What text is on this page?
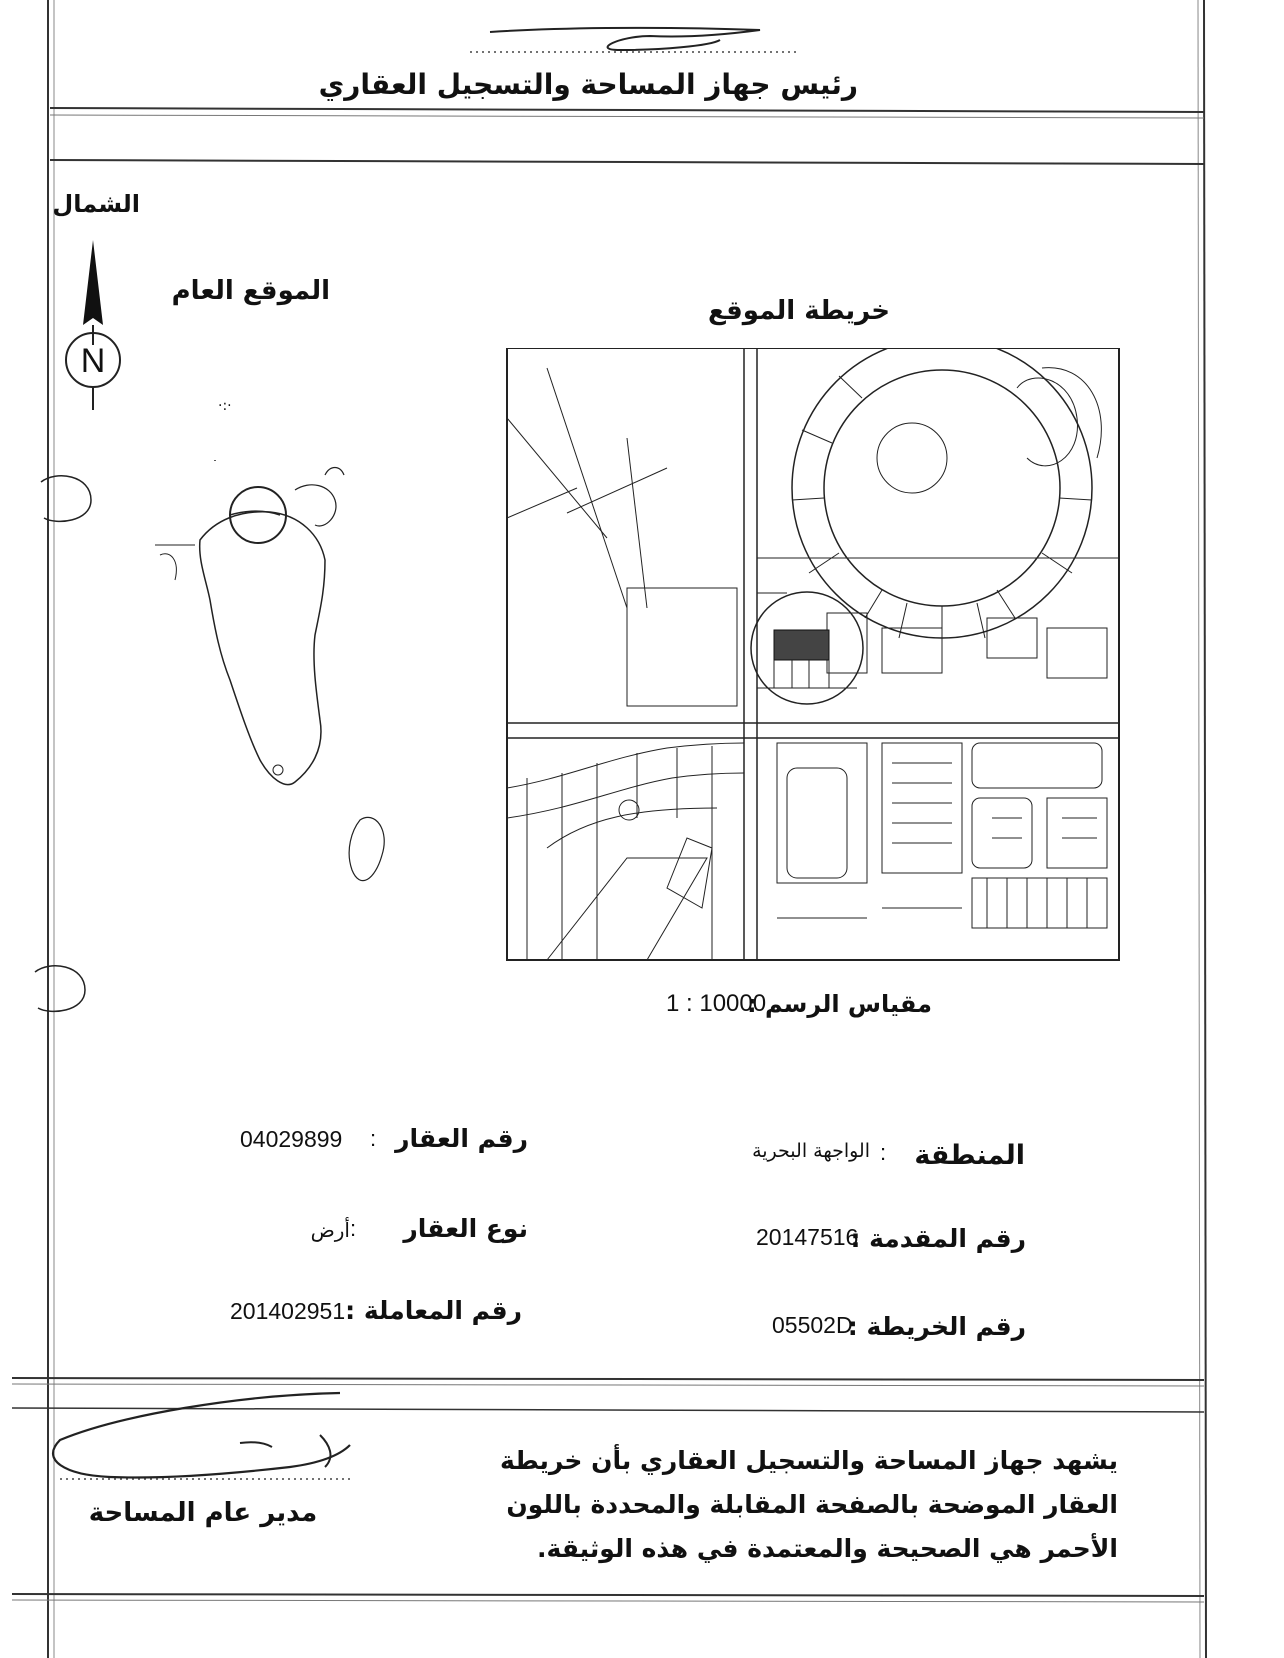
رئيس جهاز المساحة والتسجيل العقاري
الشمال
N
الموقع العام
·:·
خريطة الموقع
مقياس الرسم :
1 : 10000
رقم العقار
:
04029899
نوع العقار
:
أرض
رقم المعاملة :
201402951
المنطقة
:
الواجهة البحرية
رقم المقدمة :
20147516
رقم الخريطة :
05502D
مدير عام المساحة
يشهد جهاز المساحة والتسجيل العقاري بأن خريطة
العقار الموضحة بالصفحة المقابلة والمحددة باللون
الأحمر هي الصحيحة والمعتمدة في هذه الوثيقة.
